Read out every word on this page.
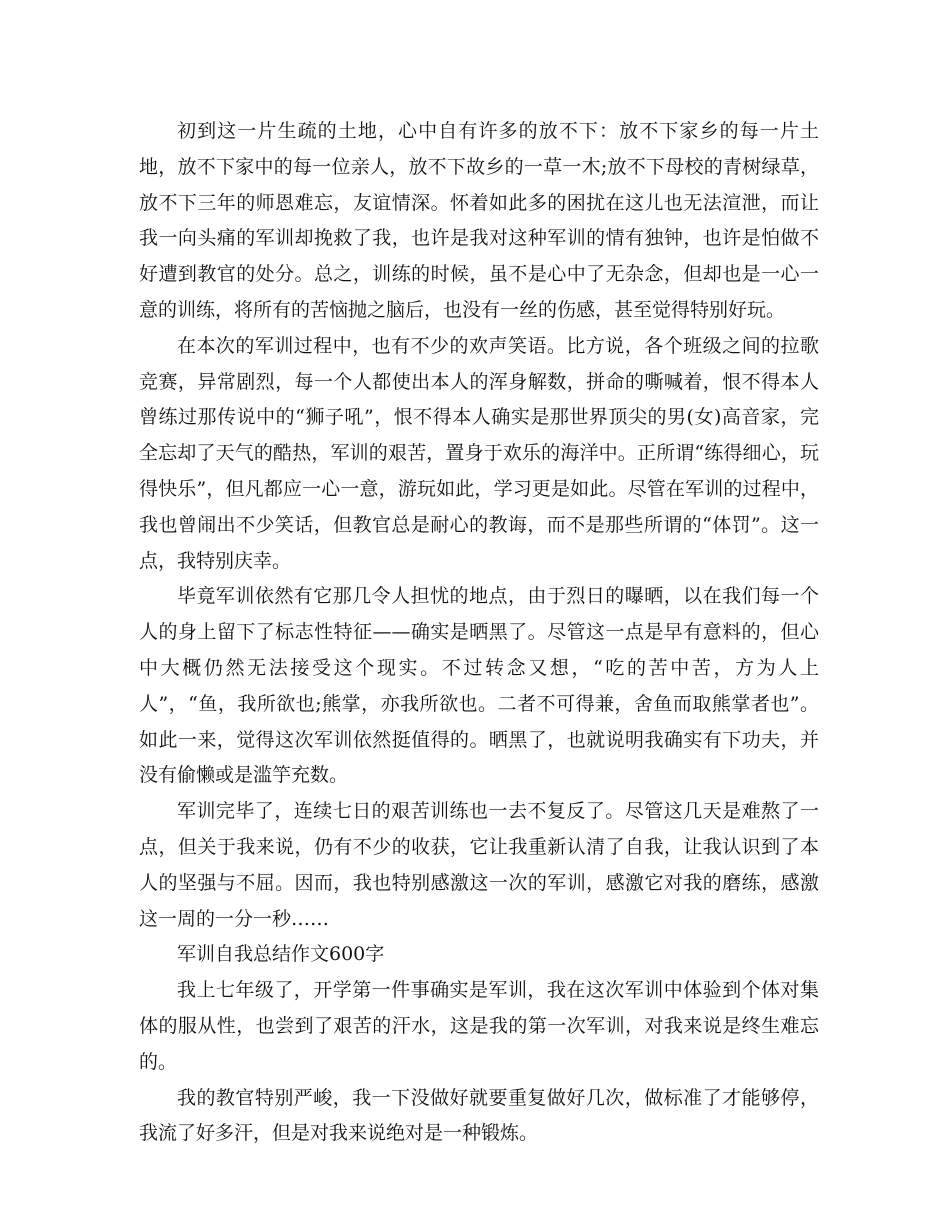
初到这一片生疏的土地，心中自有许多的放不下：放不下家乡的每一片土地，放不下家中的每一位亲人，放不下故乡的一草一木;放不下母校的青树绿草，放不下三年的师恩难忘，友谊情深。怀着如此多的困扰在这儿也无法渲泄，而让我一向头痛的军训却挽救了我，也许是我对这种军训的情有独钟，也许是怕做不好遭到教官的处分。总之，训练的时候，虽不是心中了无杂念，但却也是一心一意的训练，将所有的苦恼抛之脑后，也没有一丝的伤感，甚至觉得特别好玩。

在本次的军训过程中，也有不少的欢声笑语。比方说，各个班级之间的拉歌竞赛，异常剧烈，每一个人都使出本人的浑身解数，拼命的嘶喊着，恨不得本人曾练过那传说中的“狮子吼”，恨不得本人确实是那世界顶尖的男(女)高音家，完全忘却了天气的酷热，军训的艰苦，置身于欢乐的海洋中。正所谓“练得细心，玩得快乐”，但凡都应一心一意，游玩如此，学习更是如此。尽管在军训的过程中，我也曾闹出不少笑话，但教官总是耐心的教诲，而不是那些所谓的“体罚”。这一点，我特别庆幸。

毕竟军训依然有它那几令人担忧的地点，由于烈日的曝晒，以在我们每一个人的身上留下了标志性特征——确实是晒黑了。尽管这一点是早有意料的，但心中大概仍然无法接受这个现实。不过转念又想，“吃的苦中苦，方为人上人”，“鱼，我所欲也;熊掌，亦我所欲也。二者不可得兼，舍鱼而取熊掌者也”。如此一来，觉得这次军训依然挺值得的。晒黑了，也就说明我确实有下功夫，并没有偷懒或是滥竽充数。

军训完毕了，连续七日的艰苦训练也一去不复反了。尽管这几天是难熬了一点，但关于我来说，仍有不少的收获，它让我重新认清了自我，让我认识到了本人的坚强与不屈。因而，我也特别感激这一次的军训，感激它对我的磨练，感激这一周的一分一秒……

军训自我总结作文600字

我上七年级了，开学第一件事确实是军训，我在这次军训中体验到个体对集体的服从性，也尝到了艰苦的汗水，这是我的第一次军训，对我来说是终生难忘的。

我的教官特别严峻，我一下没做好就要重复做好几次，做标准了才能够停，我流了好多汗，但是对我来说绝对是一种锻炼。
